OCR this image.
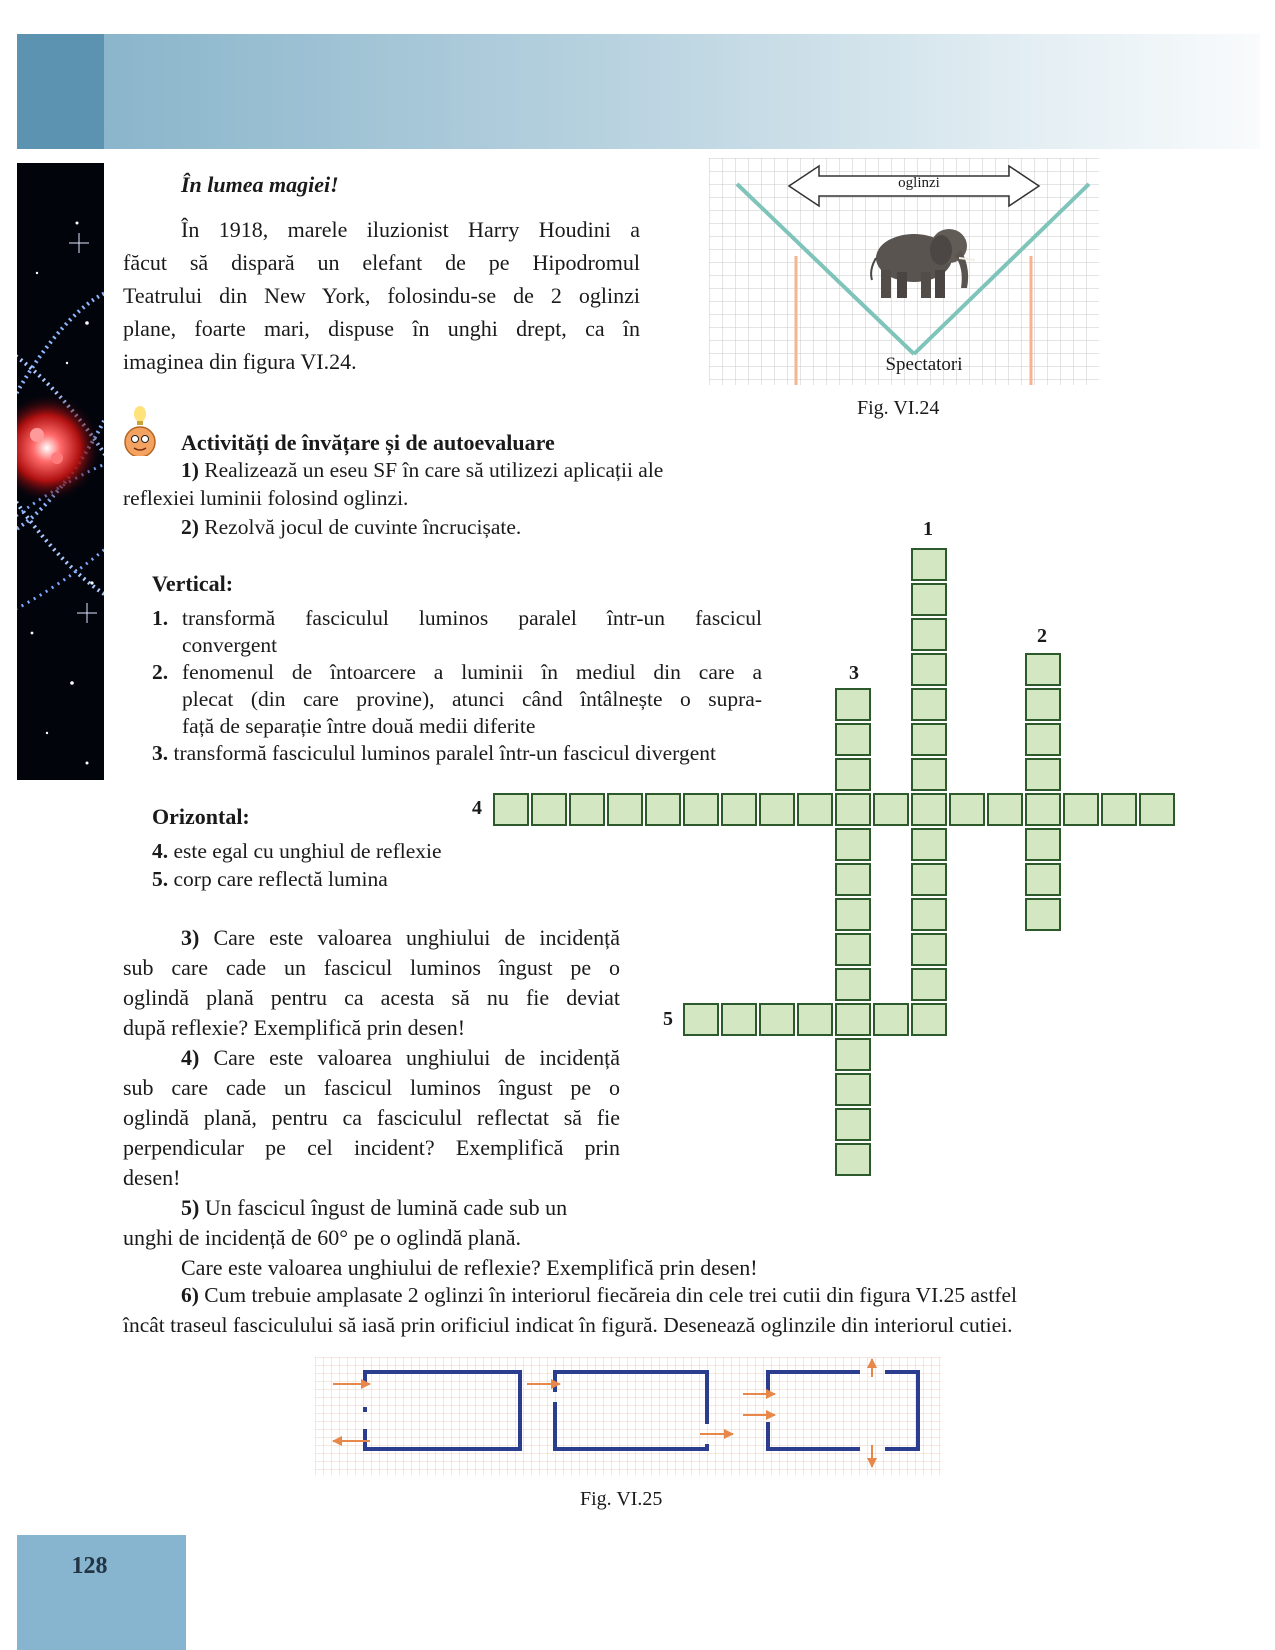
În lumea magiei!
În 1918, marele iluzionist Harry Houdini a
făcut să dispară un elefant de pe Hipodromul
Teatrului din New York, folosindu-se de 2 oglinzi
plane, foarte mari, dispuse în unghi drept, ca în
imaginea din figura VI.24.
oglinzi
Spectatori
Fig. VI.24
Activități de învățare și de autoevaluare
1) Realizează un eseu SF în care să utilizezi aplicații ale
reflexiei luminii folosind oglinzi.
2) Rezolvă jocul de cuvinte încrucișate.
Vertical:
1. transformă fasciculul luminos paralel într-un fascicul
convergent
2. fenomenul de întoarcere a luminii în mediul din care a
plecat (din care provine), atunci când întâlnește o supra-
față de separație între două medii diferite
3. transformă fasciculul luminos paralel într-un fascicul divergent
Orizontal:
4. este egal cu unghiul de reflexie
5. corp care reflectă lumina
1
2
3
4
5
3) Care este valoarea unghiului de incidență
sub care cade un fascicul luminos îngust pe o
oglindă plană pentru ca acesta să nu fie deviat
după reflexie? Exemplifică prin desen!
4) Care este valoarea unghiului de incidență
sub care cade un fascicul luminos îngust pe o
oglindă plană, pentru ca fasciculul reflectat să fie
perpendicular pe cel incident? Exemplifică prin
desen!
5) Un fascicul îngust de lumină cade sub un
unghi de incidență de 60° pe o oglindă plană.
Care este valoarea unghiului de reflexie? Exemplifică prin desen!
6) Cum trebuie amplasate 2 oglinzi în interiorul fiecăreia din cele trei cutii din figura VI.25 astfel
încât traseul fasciculului să iasă prin orificiul indicat în figură. Desenează oglinzile din interiorul cutiei.
Fig. VI.25
128
